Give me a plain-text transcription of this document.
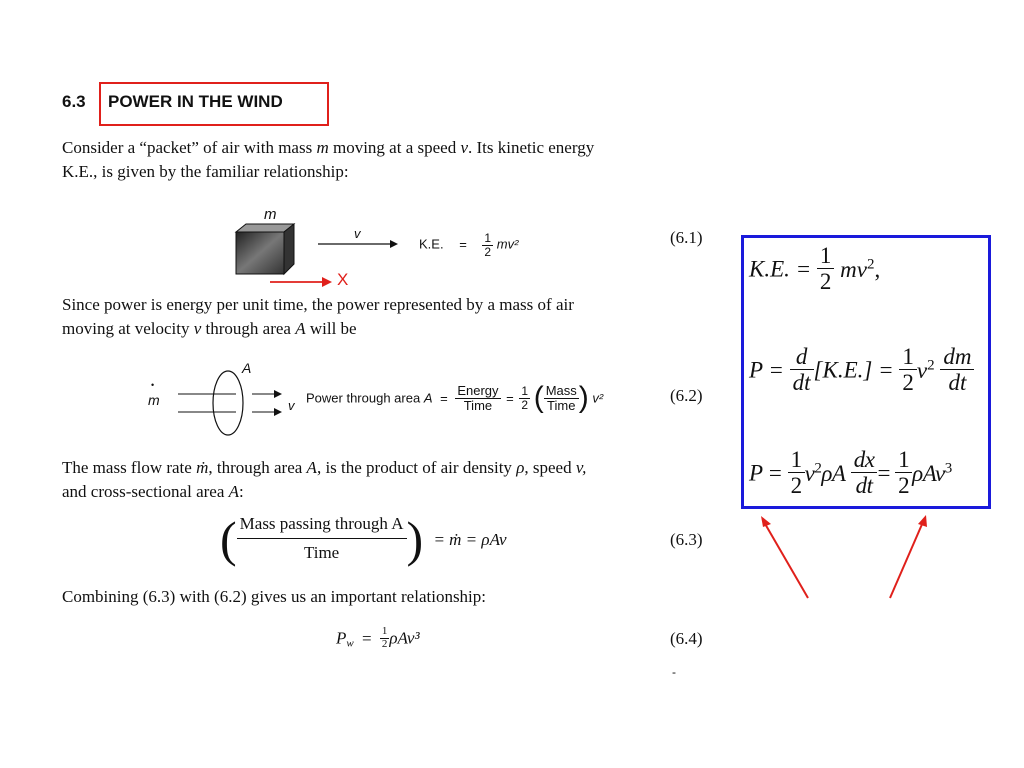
6.3 POWER IN THE WIND
Consider a “packet” of air with mass m moving at a speed v. Its kinetic energy
K.E., is given by the familiar relationship:
m
v
X
K.E. = $\frac{1}{2} mv^2$	(6.1)
Since power is energy per unit time, the power represented by a mass of air
moving at velocity v through area A will be
•
m
A
v Power through area $A = \frac{\text{Energy}}{\text{Time}} = \frac{1}{2}$ ( $\frac{\text{Mass}}{\text{Time}}$ ) v²	(6.2)
The mass flow rate ṁ, through area A, is the product of air density ρ, speed v,
and cross-sectional area A:
( Mass passing through A
Time	) = ṁ = ρAv	(6.3)
Combining (6.3) with (6.2) gives us an important relationship:
$P_w = \frac{1}{2} \rho Av^3$	(6.4)
-
K.E. = $\frac{1}{2} mv^2$,
$P = \frac{d}{dt} [K.E.] = \frac{1}{2} v^2 \frac{dm}{dt}$
$P = \frac{1}{2} v^2\rho A \frac{dx}{dt} = \frac{1}{2} \rho Av^3$
